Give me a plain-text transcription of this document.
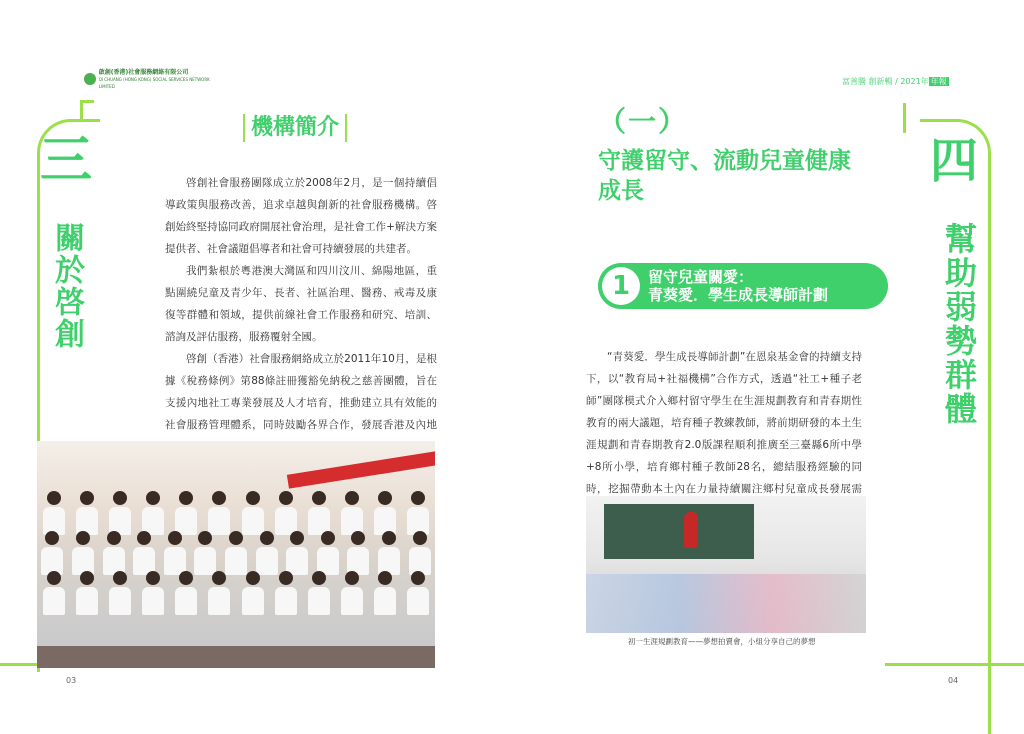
啟創(香港)社會服務網絡有限公司
QI CHUANG (HONG KONG) SOCIAL SERVICES NETWORK LIMITED	富善騰 創新暢 / 2021年 年報
三
關於啓創
機構簡介

啓創社會服務團隊成立於2008年2月，是一個持續倡導政策與服務改善，追求卓越與創新的社會服務機構。啓創始終堅持協同政府開展社會治理，是社會工作+解決方案提供者、社會議題倡導者和社會可持續發展的共建者。

我們紮根於粵港澳大灣區和四川汶川、綿陽地區，重點圍繞兒童及青少年、長者、社區治理、醫務、戒毒及康復等群體和領域，提供前線社會工作服務和研究、培訓、諮詢及評估服務，服務覆射全國。

啓創（香港）社會服務網絡成立於2011年10月，是根據《稅務條例》第88條註冊獲豁免納稅之慈善團體，旨在支援內地社工專業發展及人才培育，推動建立具有效能的社會服務管理體系，同時鼓勵各界合作，發展香港及內地

03
四
幫助弱勢群體
（一）
守護留守、流動兒童健康成長
1	留守兒童關愛：
青葵愛．學生成長導師計劃

“青葵愛．學生成長導師計劃”在恩泉基金會的持續支持下，以“教育局+社福機構”合作方式，透過“社工+種子老師”團隊模式介入鄉村留守學生在生涯規劃教育和青春期性教育的兩大議題，培育種子教練教師，將前期研發的本土生涯規劃和青春期教育2.0版課程順利推廣至三臺縣6所中學+8所小學，培育鄉村種子教師28名，總結服務經驗的同時，挖掘帶動本土內在力量持續關注鄉村兒童成長發展需

初一生涯規劃教育——夢想拍賣會，小組分享自己的夢想
04
